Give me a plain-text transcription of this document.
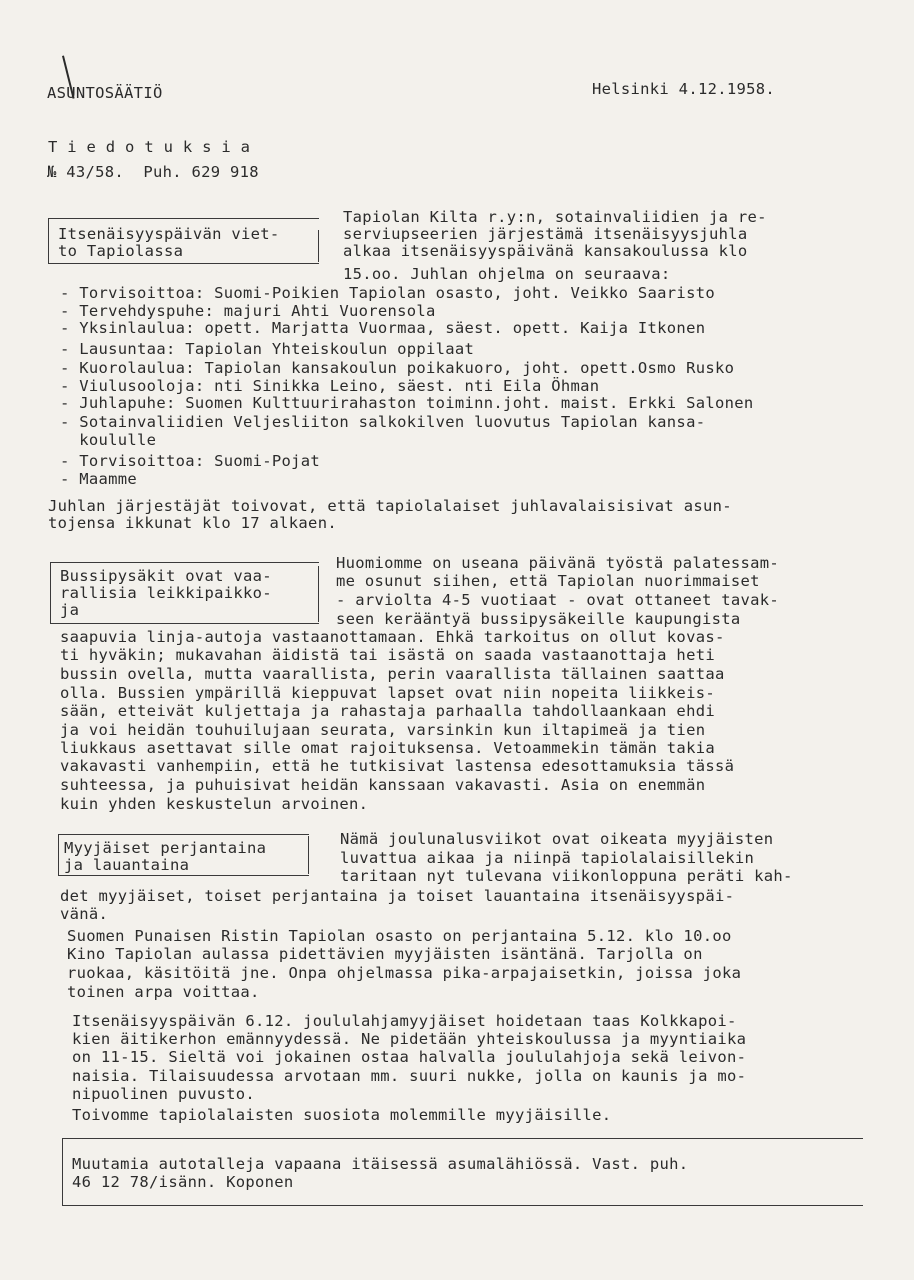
ASUNTOSÄÄTIÖ	Helsinki 4.12.1958.
T i e d o t u k s i a
№ 43/58.  Puh. 629 918
Itsenäisyyspäivän viet-
to Tapiolassa
Tapiolan Kilta r.y:n, sotainvaliidien ja re-
serviupseerien järjestämä itsenäisyysjuhla
alkaa itsenäisyyspäivänä kansakoulussa klo
15.oo. Juhlan ohjelma on seuraava:
- Torvisoittoa: Suomi-Poikien Tapiolan osasto, joht. Veikko Saaristo
- Tervehdyspuhe: majuri Ahti Vuorensola
- Yksinlaulua: opett. Marjatta Vuormaa, säest. opett. Kaija Itkonen
- Lausuntaa: Tapiolan Yhteiskoulun oppilaat
- Kuorolaulua: Tapiolan kansakoulun poikakuoro, joht. opett.Osmo Rusko
- Viulusooloja: nti Sinikka Leino, säest. nti Eila Öhman
- Juhlapuhe: Suomen Kulttuurirahaston toiminn.joht. maist. Erkki Salonen
- Sotainvaliidien Veljesliiton salkokilven luovutus Tapiolan kansa-
koululle
- Torvisoittoa: Suomi-Pojat
- Maamme
Juhlan järjestäjät toivovat, että tapiolalaiset juhlavalaisisivat asun-
tojensa ikkunat klo 17 alkaen.
Bussipysäkit ovat vaa-
rallisia leikkipaikko-
ja
Huomiomme on useana päivänä työstä palatessam-
me osunut siihen, että Tapiolan nuorimmaiset
- arviolta 4-5 vuotiaat - ovat ottaneet tavak-
seen kerääntyä bussipysäkeille kaupungista
saapuvia linja-autoja vastaanottamaan. Ehkä tarkoitus on ollut kovas-
ti hyväkin; mukavahan äidistä tai isästä on saada vastaanottaja heti
bussin ovella, mutta vaarallista, perin vaarallista tällainen saattaa
olla. Bussien ympärillä kieppuvat lapset ovat niin nopeita liikkeis-
sään, etteivät kuljettaja ja rahastaja parhaalla tahdollaankaan ehdi
ja voi heidän touhuilujaan seurata, varsinkin kun iltapimeä ja tien
liukkaus asettavat sille omat rajoituksensa. Vetoammekin tämän takia
vakavasti vanhempiin, että he tutkisivat lastensa edesottamuksia tässä
suhteessa, ja puhuisivat heidän kanssaan vakavasti. Asia on enemmän
kuin yhden keskustelun arvoinen.
Myyjäiset perjantaina
ja lauantaina
Nämä joulunalusviikot ovat oikeata myyjäisten
luvattua aikaa ja niinpä tapiolalaisillekin
taritaan nyt tulevana viikonloppuna peräti kah-
det myyjäiset, toiset perjantaina ja toiset lauantaina itsenäisyyspäi-
vänä.
Suomen Punaisen Ristin Tapiolan osasto on perjantaina 5.12. klo 10.oo
Kino Tapiolan aulassa pidettävien myyjäisten isäntänä. Tarjolla on
ruokaa, käsitöitä jne. Onpa ohjelmassa pika-arpajaisetkin, joissa joka
toinen arpa voittaa.
Itsenäisyyspäivän 6.12. joululahjamyyjäiset hoidetaan taas Kolkkapoi-
kien äitikerhon emännyydessä. Ne pidetään yhteiskoulussa ja myyntiaika
on 11-15. Sieltä voi jokainen ostaa halvalla joululahjoja sekä leivon-
naisia. Tilaisuudessa arvotaan mm. suuri nukke, jolla on kaunis ja mo-
nipuolinen puvusto.
Toivomme tapiolalaisten suosiota molemmille myyjäisille.
Muutamia autotalleja vapaana itäisessä asumalähiössä. Vast. puh.
46 12 78/isänn. Koponen
